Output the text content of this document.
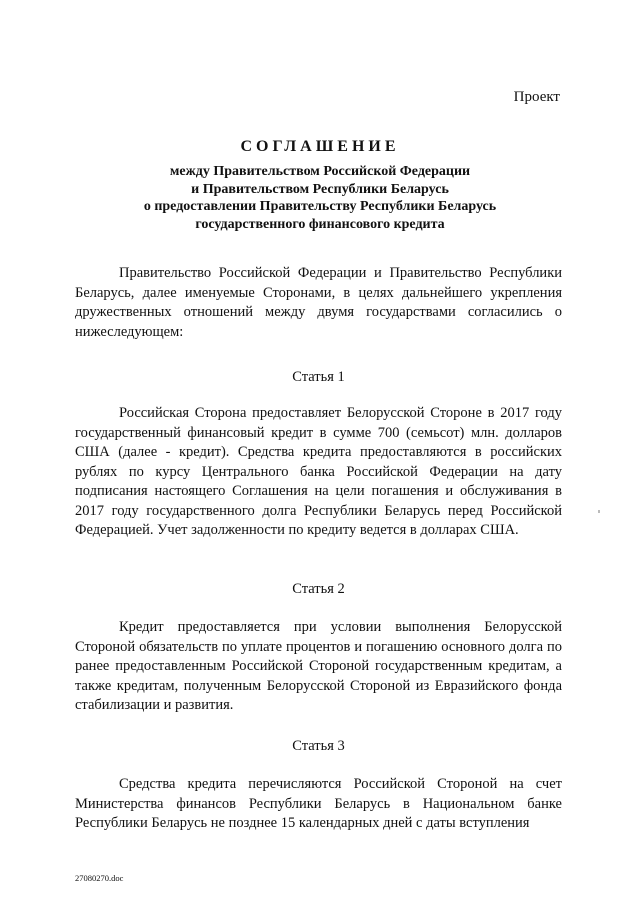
Проект
СОГЛАШЕНИЕ
между Правительством Российской Федерации
и Правительством Республики Беларусь
о предоставлении Правительству Республики Беларусь
государственного финансового кредита

Правительство Российской Федерации и Правительство Республики Беларусь, далее именуемые Сторонами, в целях дальнейшего укрепления дружественных отношений между двумя государствами согласились о нижеследующем:

Статья 1

Российская Сторона предоставляет Белорусской Стороне в 2017 году государственный финансовый кредит в сумме 700 (семьсот) млн. долларов США (далее - кредит). Средства кредита предоставляются в российских рублях по курсу Центрального банка Российской Федерации на дату подписания настоящего Соглашения на цели погашения и обслуживания в 2017 году государственного долга Республики Беларусь перед Российской Федерацией. Учет задолженности по кредиту ведется в долларах США.

Статья 2

Кредит предоставляется при условии выполнения Белорусской Стороной обязательств по уплате процентов и погашению основного долга по ранее предоставленным Российской Стороной государственным кредитам, а также кредитам, полученным Белорусской Стороной из Евразийского фонда стабилизации и развития.

Статья 3

Средства кредита перечисляются Российской Стороной на счет Министерства финансов Республики Беларусь в Национальном банке Республики Беларусь не позднее 15 календарных дней с даты вступления

27080270.doc
